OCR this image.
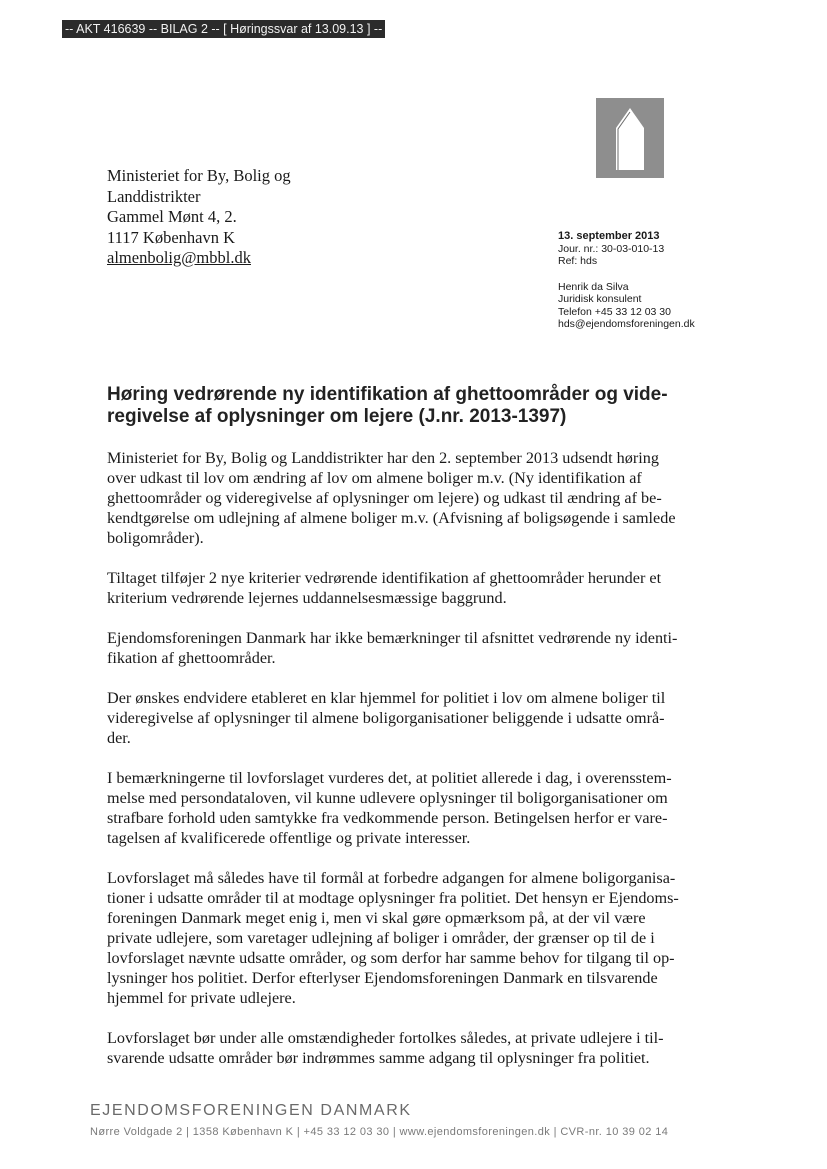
-- AKT 416639 -- BILAG 2 -- [ Høringssvar af 13.09.13 ] --
Ministeriet for By, Bolig og
Landdistrikter
Gammel Mønt 4, 2.
1117 København K
almenbolig@mbbl.dk
13. september 2013
Jour. nr.: 30-03-010-13
Ref: hds
Henrik da Silva
Juridisk konsulent
Telefon +45 33 12 03 30
hds@ejendomsforeningen.dk
Høring vedrørende ny identifikation af ghettoområder og vide-
regivelse af oplysninger om lejere (J.nr. 2013-1397)

Ministeriet for By, Bolig og Landdistrikter har den 2. september 2013 udsendt høring
over udkast til lov om ændring af lov om almene boliger m.v. (Ny identifikation af
ghettoområder og videregivelse af oplysninger om lejere) og udkast til ændring af be-
kendtgørelse om udlejning af almene boliger m.v. (Afvisning af boligsøgende i samlede
boligområder).

Tiltaget tilføjer 2 nye kriterier vedrørende identifikation af ghettoområder herunder et
kriterium vedrørende lejernes uddannelsesmæssige baggrund.

Ejendomsforeningen Danmark har ikke bemærkninger til afsnittet vedrørende ny identi-
fikation af ghettoområder.

Der ønskes endvidere etableret en klar hjemmel for politiet i lov om almene boliger til
videregivelse af oplysninger til almene boligorganisationer beliggende i udsatte områ-
der.

I bemærkningerne til lovforslaget vurderes det, at politiet allerede i dag, i overensstem-
melse med persondataloven, vil kunne udlevere oplysninger til boligorganisationer om
strafbare forhold uden samtykke fra vedkommende person. Betingelsen herfor er vare-
tagelsen af kvalificerede offentlige og private interesser.

Lovforslaget må således have til formål at forbedre adgangen for almene boligorganisa-
tioner i udsatte områder til at modtage oplysninger fra politiet. Det hensyn er Ejendoms-
foreningen Danmark meget enig i, men vi skal gøre opmærksom på, at der vil være
private udlejere, som varetager udlejning af boliger i områder, der grænser op til de i
lovforslaget nævnte udsatte områder, og som derfor har samme behov for tilgang til op-
lysninger hos politiet. Derfor efterlyser Ejendomsforeningen Danmark en tilsvarende
hjemmel for private udlejere.

Lovforslaget bør under alle omstændigheder fortolkes således, at private udlejere i til-
svarende udsatte områder bør indrømmes samme adgang til oplysninger fra politiet.

EJENDOMSFORENINGEN DANMARK
Nørre Voldgade 2 | 1358 København K | +45 33 12 03 30 | www.ejendomsforeningen.dk | CVR-nr. 10 39 02 14
